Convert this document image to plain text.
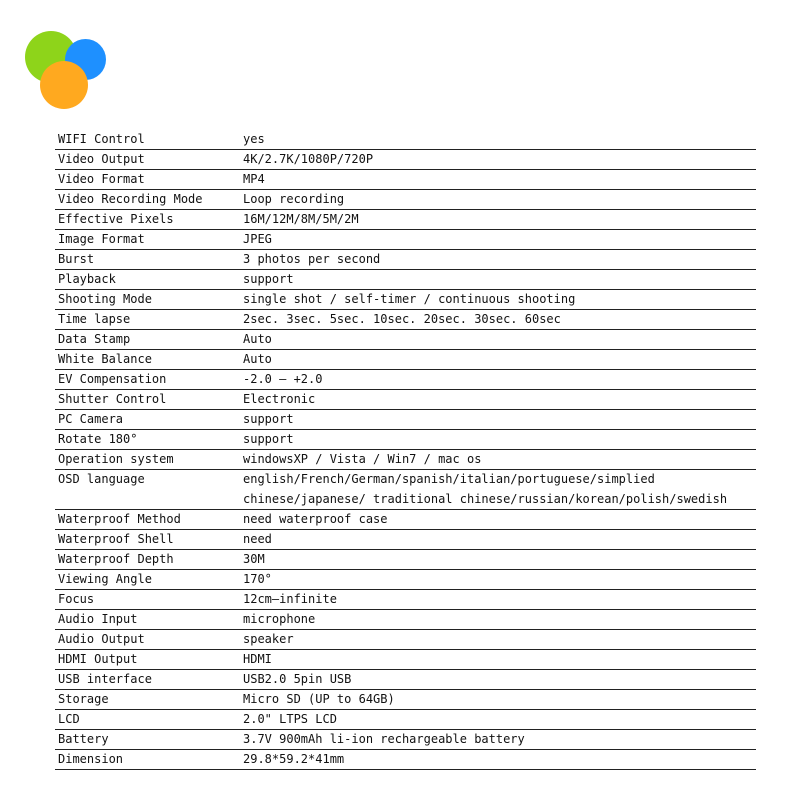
WIFI Control	yes
Video Output	4K/2.7K/1080P/720P
Video Format	MP4
Video Recording Mode	Loop recording
Effective Pixels	16M/12M/8M/5M/2M
Image Format	JPEG
Burst	3 photos per second
Playback	support
Shooting Mode	single shot / self-timer / continuous shooting
Time lapse	2sec. 3sec. 5sec. 10sec. 20sec. 30sec. 60sec
Data Stamp	Auto
White Balance	Auto
EV Compensation	-2.0 — +2.0
Shutter Control	Electronic
PC Camera	support
Rotate 180°	support
Operation system	windowsXP / Vista / Win7 / mac os
OSD language	english/French/German/spanish/italian/portuguese/simplied chinese/japanese/ traditional chinese/russian/korean/polish/swedish
Waterproof Method	need waterproof case
Waterproof Shell	need
Waterproof Depth	30M
Viewing Angle	170°
Focus	12cm—infinite
Audio Input	microphone
Audio Output	speaker
HDMI Output	HDMI
USB interface	USB2.0 5pin USB
Storage	Micro SD (UP to 64GB)
LCD	2.0" LTPS LCD
Battery	3.7V 900mAh li-ion rechargeable battery
Dimension	29.8*59.2*41mm
